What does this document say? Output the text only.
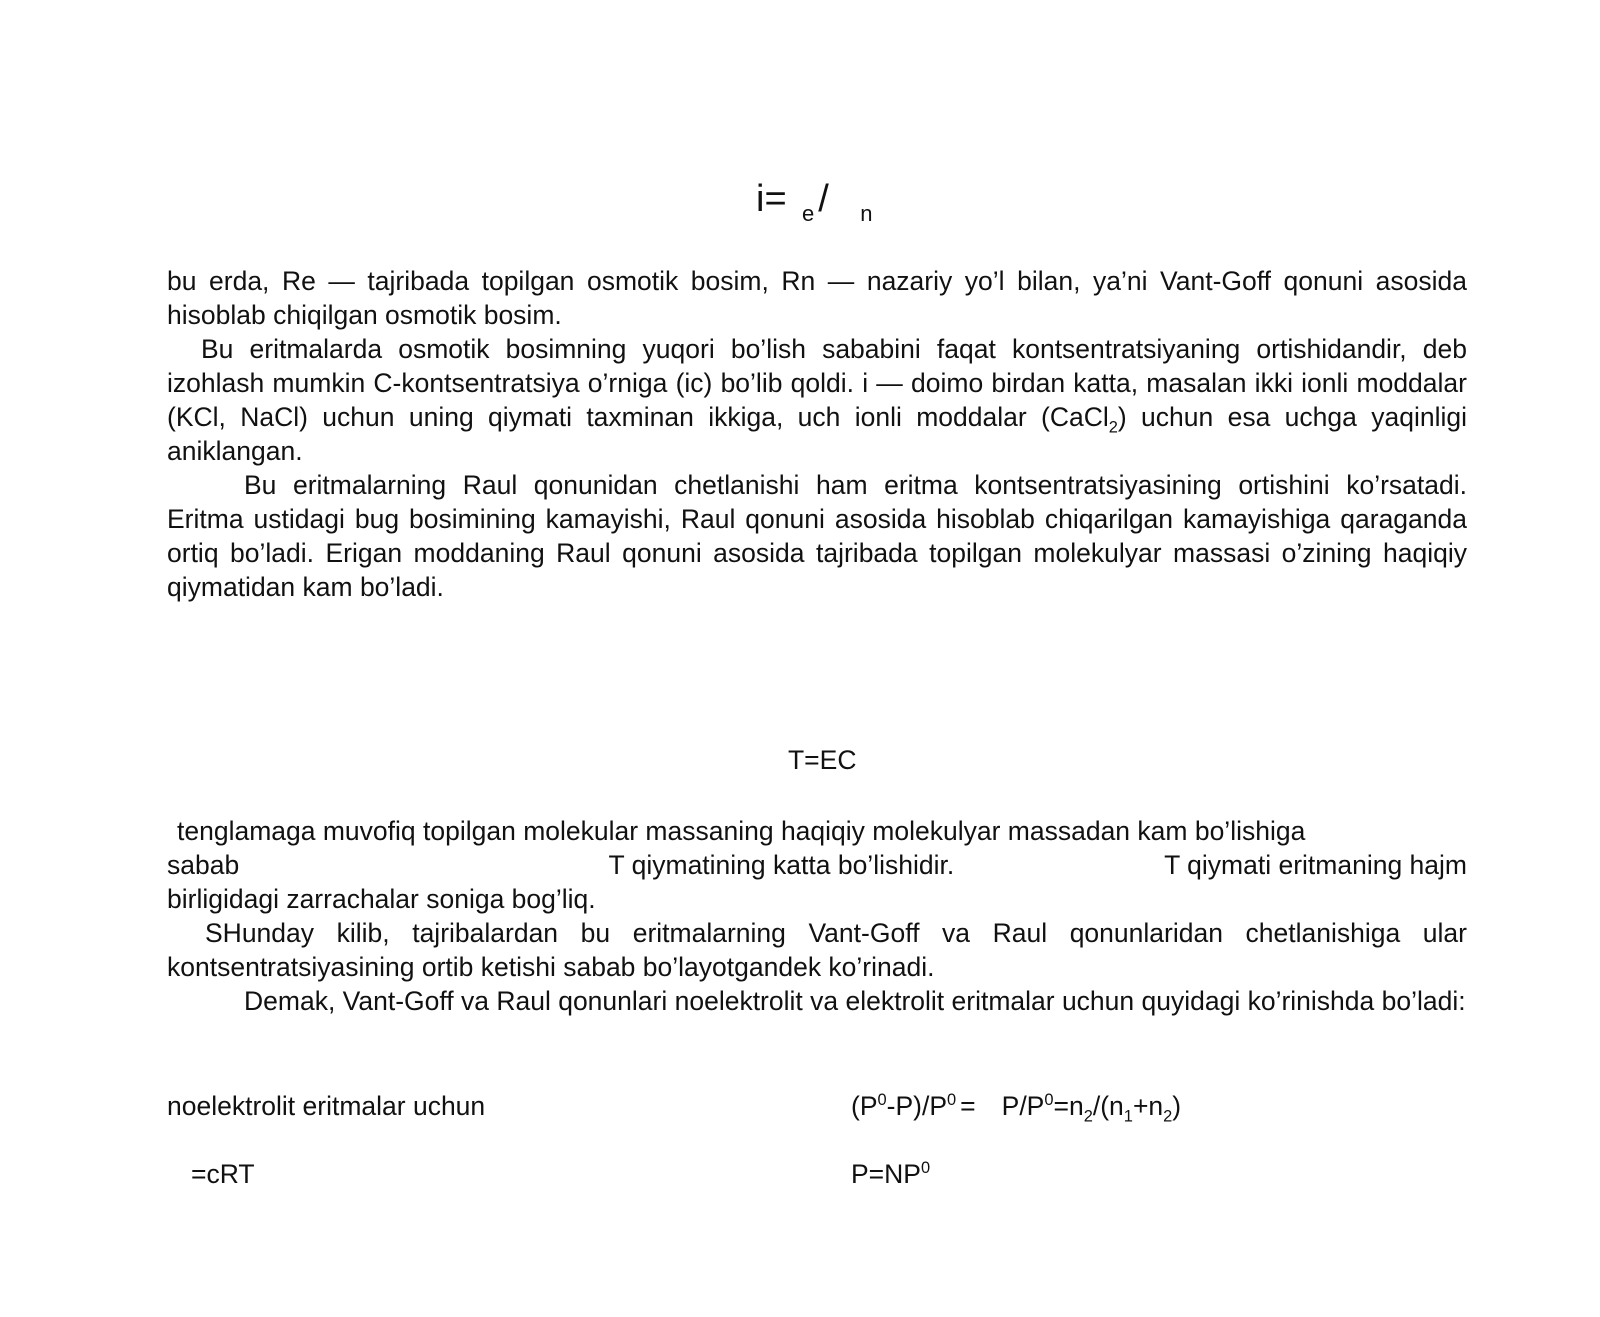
i= $_e$ / $_n$

bu erda, Re — tajribada topilgan osmotik bosim, Rn — nazariy yo’l bilan, ya’ni Vant-Goff qonuni asosida hisoblab chiqilgan osmotik bosim.

Bu eritmalarda osmotik bosimning yuqori bo’lish sababini faqat kontsentratsiyaning ortishidandir, deb izohlash mumkin C-kontsentratsiya o’rniga (ic) bo’lib qoldi. i — doimo birdan katta, masalan ikki ionli moddalar (KCl, NaCl) uchun uning qiymati taxminan ikkiga, uch ionli moddalar (CaCl$_2$) uchun esa uchga yaqinligi aniklangan.

Bu eritmalarning Raul qonunidan chetlanishi ham eritma kontsentratsiyasining ortishini ko’rsatadi. Eritma ustidagi bug bosimining kamayishi, Raul qonuni asosida hisoblab chiqarilgan kamayishiga qaraganda ortiq bo’ladi. Erigan moddaning Raul qonuni asosida tajribada topilgan molekulyar massasi o’zining haqiqiy qiymatidan kam bo’ladi.

T=EC

tenglamaga muvofiq topilgan molekular massaning haqiqiy molekulyar massadan kam bo’lishiga

sabab	T qiymatining katta bo’lishidir.	T qiymati eritmaning hajm

birligidagi zarrachalar soniga bog’liq.

SHunday kilib, tajribalardan bu eritmalarning Vant-Goff va Raul qonunlaridan chetlanishiga ular kontsentratsiyasining ortib ketishi sabab bo’layotgandek ko’rinadi.

Demak, Vant-Goff va Raul qonunlari noelektrolit va elektrolit eritmalar uchun quyidagi ko’rinishda bo’ladi:

noelektrolit eritmalar uchun	$(P^0-P)/P^0 = P/P^0=n_2/(n_1+n_2)$
=cRT	$P=NP^0$
